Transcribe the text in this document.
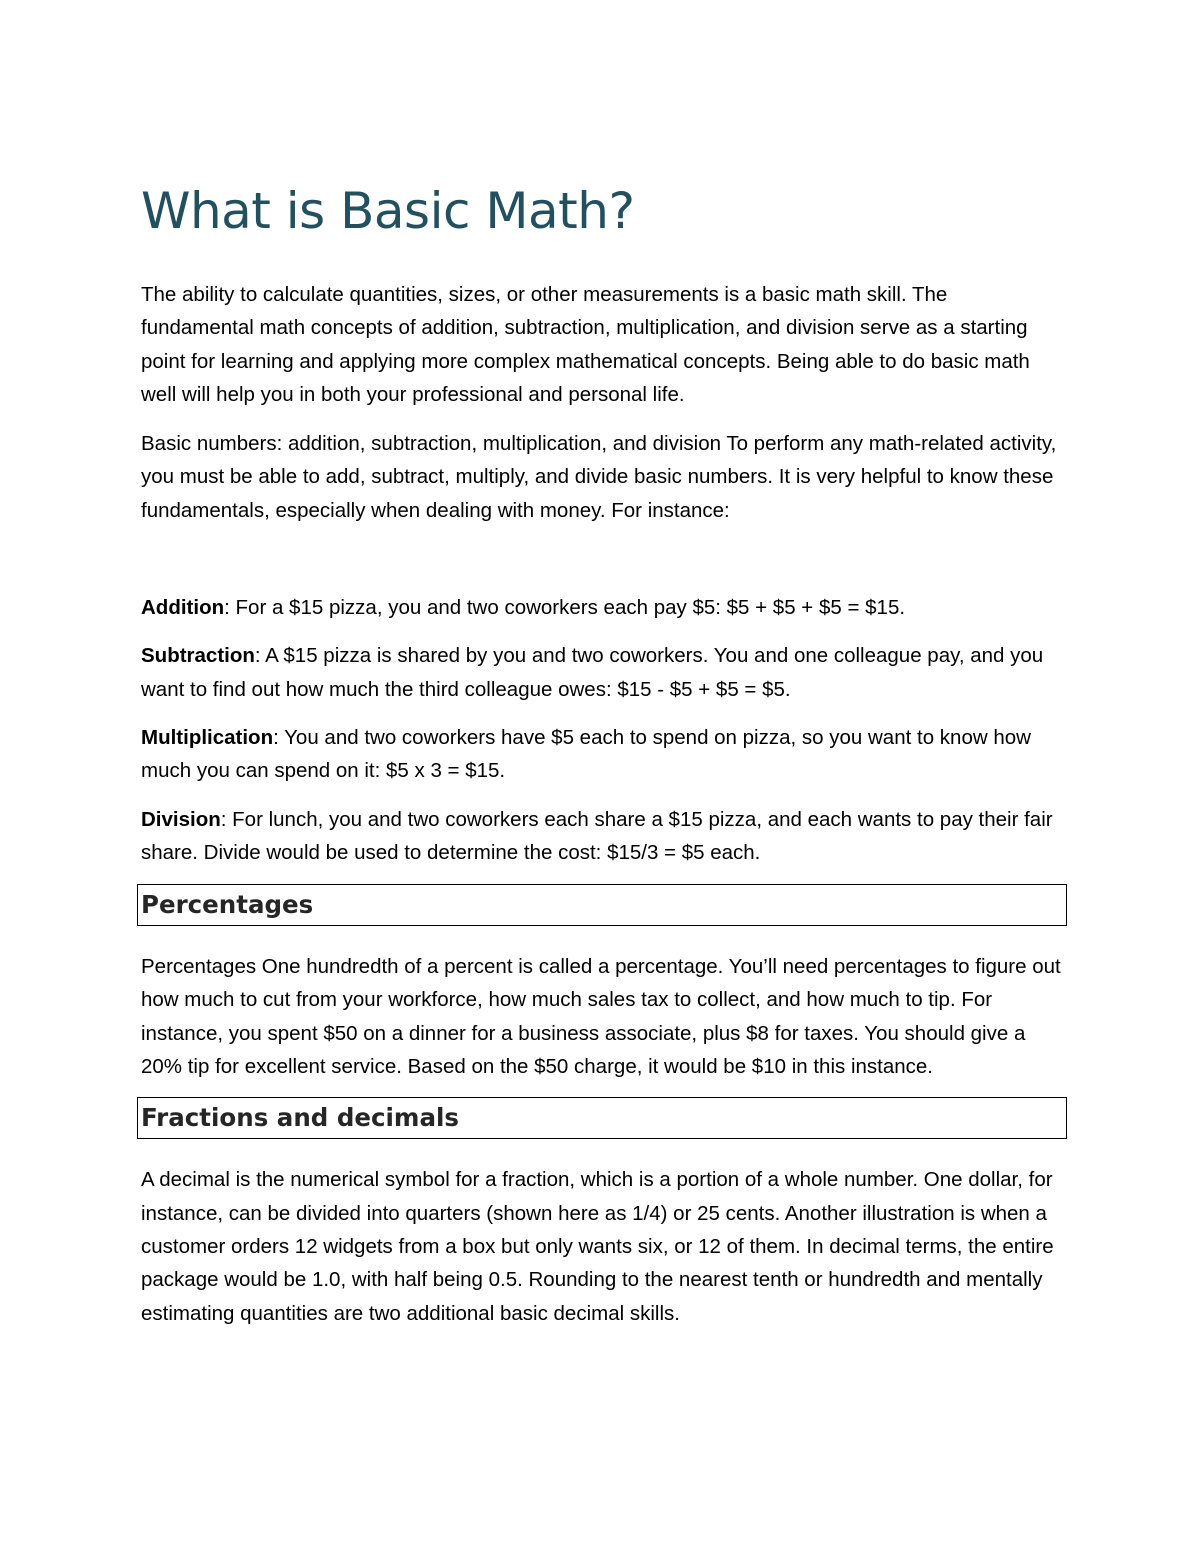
What is Basic Math?

The ability to calculate quantities, sizes, or other measurements is a basic math skill. The fundamental math concepts of addition, subtraction, multiplication, and division serve as a starting point for learning and applying more complex mathematical concepts. Being able to do basic math well will help you in both your professional and personal life.

Basic numbers: addition, subtraction, multiplication, and division To perform any math-related activity, you must be able to add, subtract, multiply, and divide basic numbers. It is very helpful to know these fundamentals, especially when dealing with money. For instance:

Addition: For a $15 pizza, you and two coworkers each pay $5: $5 + $5 + $5 = $15.

Subtraction: A $15 pizza is shared by you and two coworkers. You and one colleague pay, and you want to find out how much the third colleague owes: $15 - $5 + $5 = $5.

Multiplication: You and two coworkers have $5 each to spend on pizza, so you want to know how much you can spend on it: $5 x 3 = $15.

Division: For lunch, you and two coworkers each share a $15 pizza, and each wants to pay their fair share. Divide would be used to determine the cost: $15/3 = $5 each.

Percentages

Percentages One hundredth of a percent is called a percentage. You’ll need percentages to figure out how much to cut from your workforce, how much sales tax to collect, and how much to tip. For instance, you spent $50 on a dinner for a business associate, plus $8 for taxes. You should give a 20% tip for excellent service. Based on the $50 charge, it would be $10 in this instance.

Fractions and decimals

A decimal is the numerical symbol for a fraction, which is a portion of a whole number. One dollar, for instance, can be divided into quarters (shown here as 1/4) or 25 cents. Another illustration is when a customer orders 12 widgets from a box but only wants six, or 12 of them. In decimal terms, the entire package would be 1.0, with half being 0.5. Rounding to the nearest tenth or hundredth and mentally estimating quantities are two additional basic decimal skills.
